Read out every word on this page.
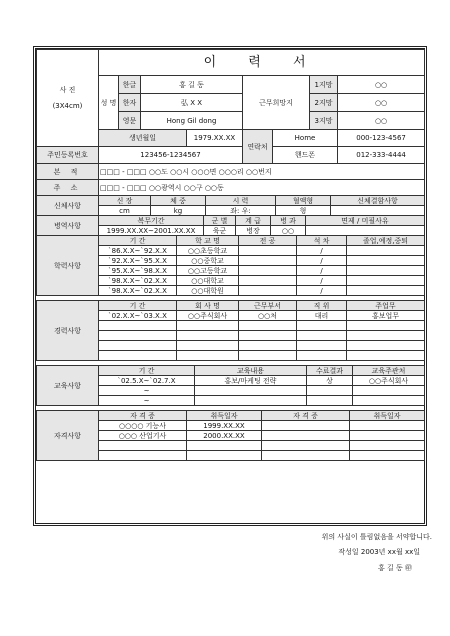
사 진

(3X4cm)	이 력 서							
	성 명	한글	홍 길 동		근무희망지		1지망	○○
		한자	弘 X X				2지망	○○
		영문	Hong Gil dong				3지망	○○
	생년월일			1979.XX.XX	연락처	Home		000-123-4567
주민등록번호	123456-1234567					핸드폰		012-333-4444
본 적	□□□ - □□□ ○○도 ○○시 ○○○면 ○○○리 ○○번지							
주 소	□□□ - □□□ ○○광역시 ○○구 ○○동							
신체사항	신 장	체 중	시 력	혈액형	신체결함사항
	cm	kg	좌: 우:	형	
병역사항	복무기간	군 별	계 급	병 과	면제 / 미필사유
	1999.XX.XX~2001.XX.XX	육군	병장	○○	
학력사항	기 간	학 교 명	전 공	석 차	졸업,예정,중퇴
	`86.X.X~`92.X.X	○○초등학교		/	
	`92.X.X~`95.X.X	○○중학교		/	
	`95.X.X~`98.X.X	○○고등학교		/	
	`98.X.X~`02.X.X	○○대학교		/	
	`98.X.X~`02.X.X	○○대학원		/	
경력사항	기 간	회 사 명	근무부서	직 위	주업무
	`02.X.X~`03.X.X	○○주식회사	○○처	대리	홍보업무

교육사항	기 간	교육내용	수료결과	교육주관처
	`02.5.X~`02.7.X	홍보/마케팅 전략	상	○○주식회사
	~			
	~			
자격사항	자 격 증	취득일자	자 격 증	취득일자
	○○○○ 기능사	1999.XX.XX		
	○○○ 산업기사	2000.XX.XX		

위의 사실이 틀림없음을 서약합니다.
작성일 2003년 xx월 xx일
홍 길 동 ㊞
